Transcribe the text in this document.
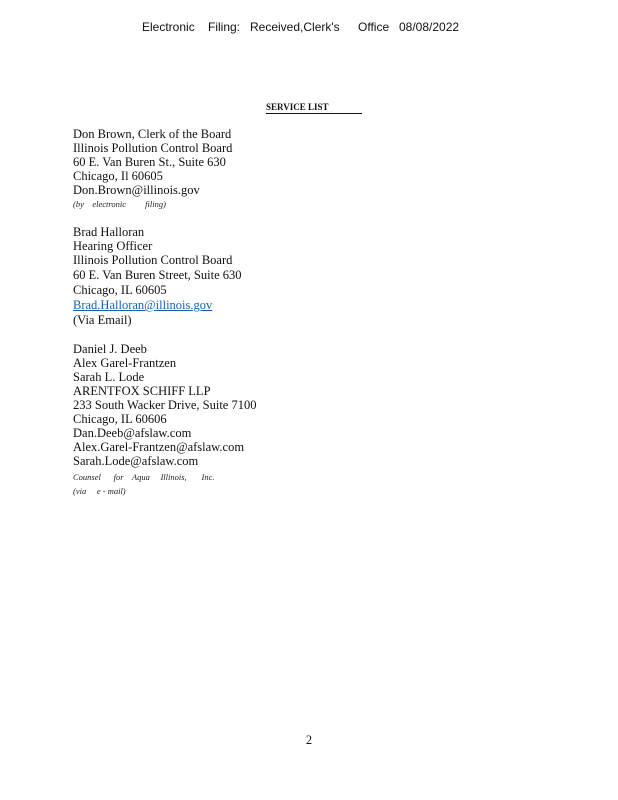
Electronic Filing: Received,Clerk's Office 08/08/2022
SERVICE LIST
Don Brown, Clerk of the Board
Illinois Pollution Control Board
60 E. Van Buren St., Suite 630
Chicago, Il 60605
Don.Brown@illinois.gov
(by    electronic         filing)
Brad Halloran
Hearing Officer
Illinois Pollution Control Board
60 E. Van Buren Street, Suite 630
Chicago, IL 60605
Brad.Halloran@illinois.gov
(Via Email)
Daniel J. Deeb
Alex Garel-Frantzen
Sarah L. Lode
ARENTFOX SCHIFF LLP
233 South Wacker Drive, Suite 7100
Chicago, IL 60606
Dan.Deeb@afslaw.com
Alex.Garel-Frantzen@afslaw.com
Sarah.Lode@afslaw.com
Counsel      for    Aqua     Illinois,       Inc.
(via     e - mail)
2
